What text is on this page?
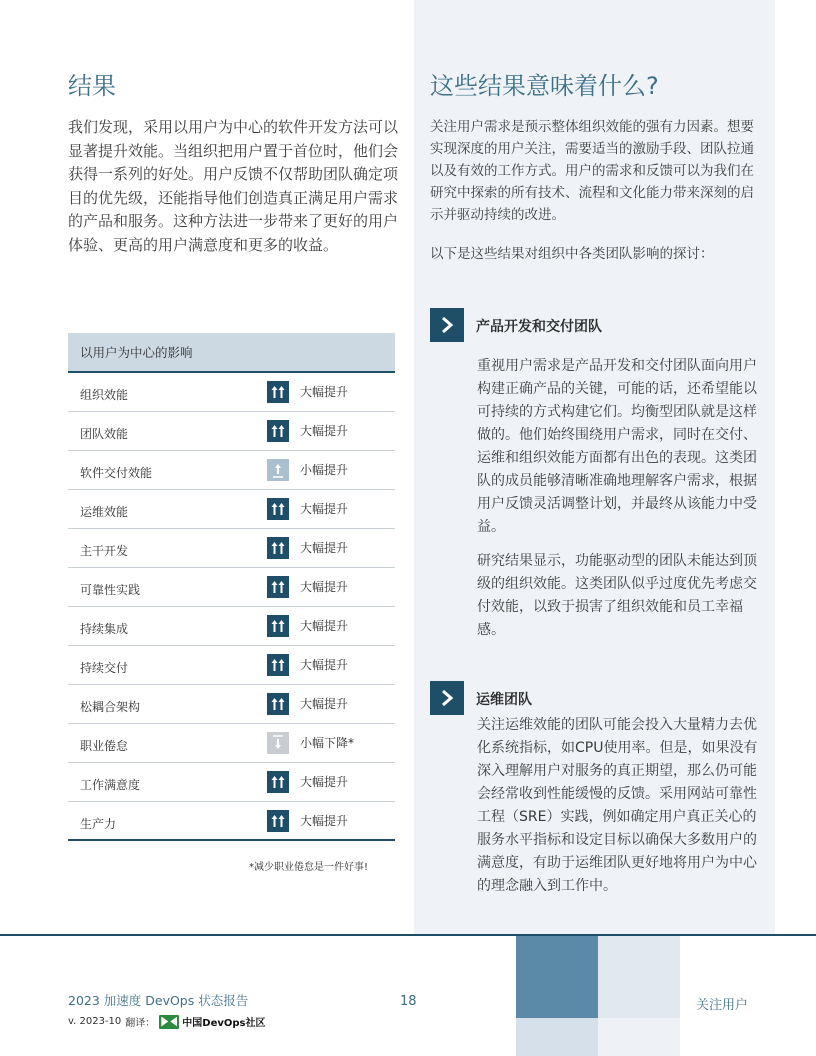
结果

我们发现，采用以用户为中心的软件开发方法可以显著提升效能。当组织把用户置于首位时，他们会获得一系列的好处。用户反馈不仅帮助团队确定项目的优先级，还能指导他们创造真正满足用户需求的产品和服务。这种方法进一步带来了更好的用户体验、更高的用户满意度和更多的收益。

以用户为中心的影响
组织效能	大幅提升
团队效能	大幅提升
软件交付效能	小幅提升
运维效能	大幅提升
主干开发	大幅提升
可靠性实践	大幅提升
持续集成	大幅提升
持续交付	大幅提升
松耦合架构	大幅提升
职业倦怠	小幅下降*
工作满意度	大幅提升
生产力	大幅提升
*减少职业倦怠是一件好事!
这些结果意味着什么?

关注用户需求是预示整体组织效能的强有力因素。想要实现深度的用户关注，需要适当的激励手段、团队拉通以及有效的工作方式。用户的需求和反馈可以为我们在研究中探索的所有技术、流程和文化能力带来深刻的启示并驱动持续的改进。

以下是这些结果对组织中各类团队影响的探讨：

产品开发和交付团队

重视用户需求是产品开发和交付团队面向用户构建正确产品的关键，可能的话，还希望能以可持续的方式构建它们。均衡型团队就是这样做的。他们始终围绕用户需求，同时在交付、运维和组织效能方面都有出色的表现。这类团队的成员能够清晰准确地理解客户需求，根据用户反馈灵活调整计划，并最终从该能力中受益。

研究结果显示，功能驱动型的团队未能达到顶级的组织效能。这类团队似乎过度优先考虑交付效能，以致于损害了组织效能和员工幸福感。

运维团队

关注运维效能的团队可能会投入大量精力去优化系统指标，如CPU使用率。但是，如果没有深入理解用户对服务的真正期望，那么仍可能会经常收到性能缓慢的反馈。采用网站可靠性工程（SRE）实践，例如确定用户真正关心的服务水平指标和设定目标以确保大多数用户的满意度，有助于运维团队更好地将用户为中心的理念融入到工作中。

2023 加速度 DevOps 状态报告
v. 2023-10 翻译：	中国DevOps社区
18	关注用户
